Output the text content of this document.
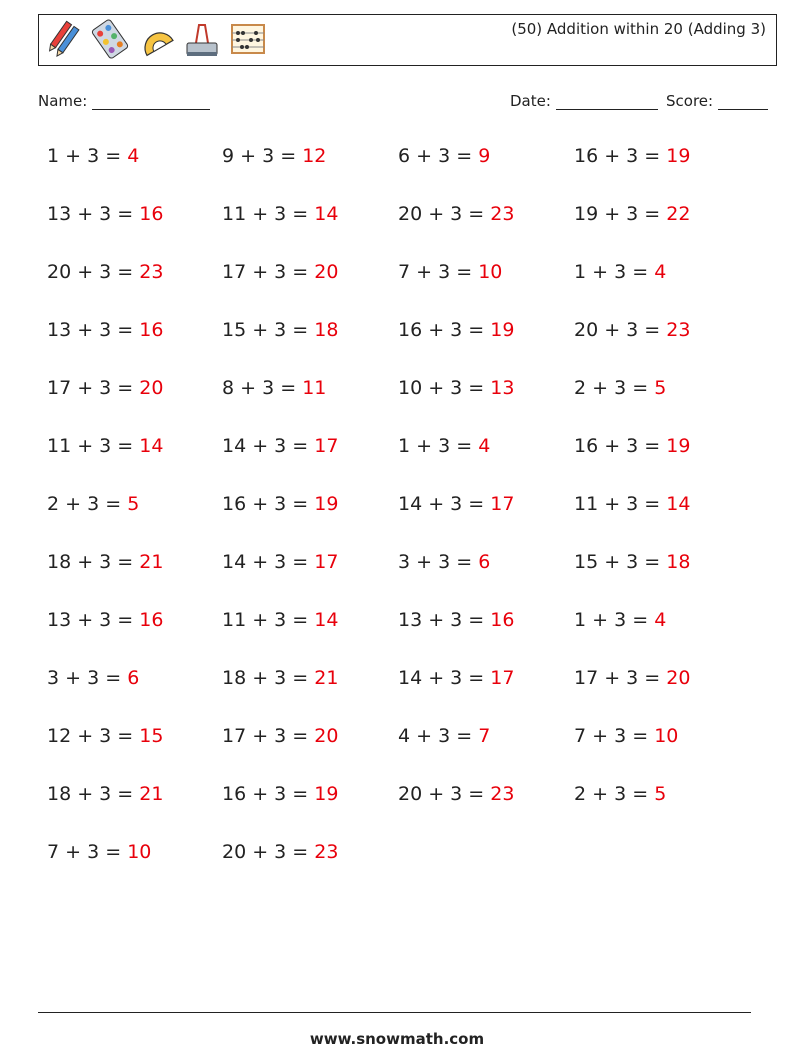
(50) Addition within 20 (Adding 3)
Name:	Date:	Score:
1 + 3 = 4	9 + 3 = 12	6 + 3 = 9	16 + 3 = 19
13 + 3 = 16	11 + 3 = 14	20 + 3 = 23	19 + 3 = 22
20 + 3 = 23	17 + 3 = 20	7 + 3 = 10	1 + 3 = 4
13 + 3 = 16	15 + 3 = 18	16 + 3 = 19	20 + 3 = 23
17 + 3 = 20	8 + 3 = 11	10 + 3 = 13	2 + 3 = 5
11 + 3 = 14	14 + 3 = 17	1 + 3 = 4	16 + 3 = 19
2 + 3 = 5	16 + 3 = 19	14 + 3 = 17	11 + 3 = 14
18 + 3 = 21	14 + 3 = 17	3 + 3 = 6	15 + 3 = 18
13 + 3 = 16	11 + 3 = 14	13 + 3 = 16	1 + 3 = 4
3 + 3 = 6	18 + 3 = 21	14 + 3 = 17	17 + 3 = 20
12 + 3 = 15	17 + 3 = 20	4 + 3 = 7	7 + 3 = 10
18 + 3 = 21	16 + 3 = 19	20 + 3 = 23	2 + 3 = 5
7 + 3 = 10	20 + 3 = 23
www.snowmath.com
